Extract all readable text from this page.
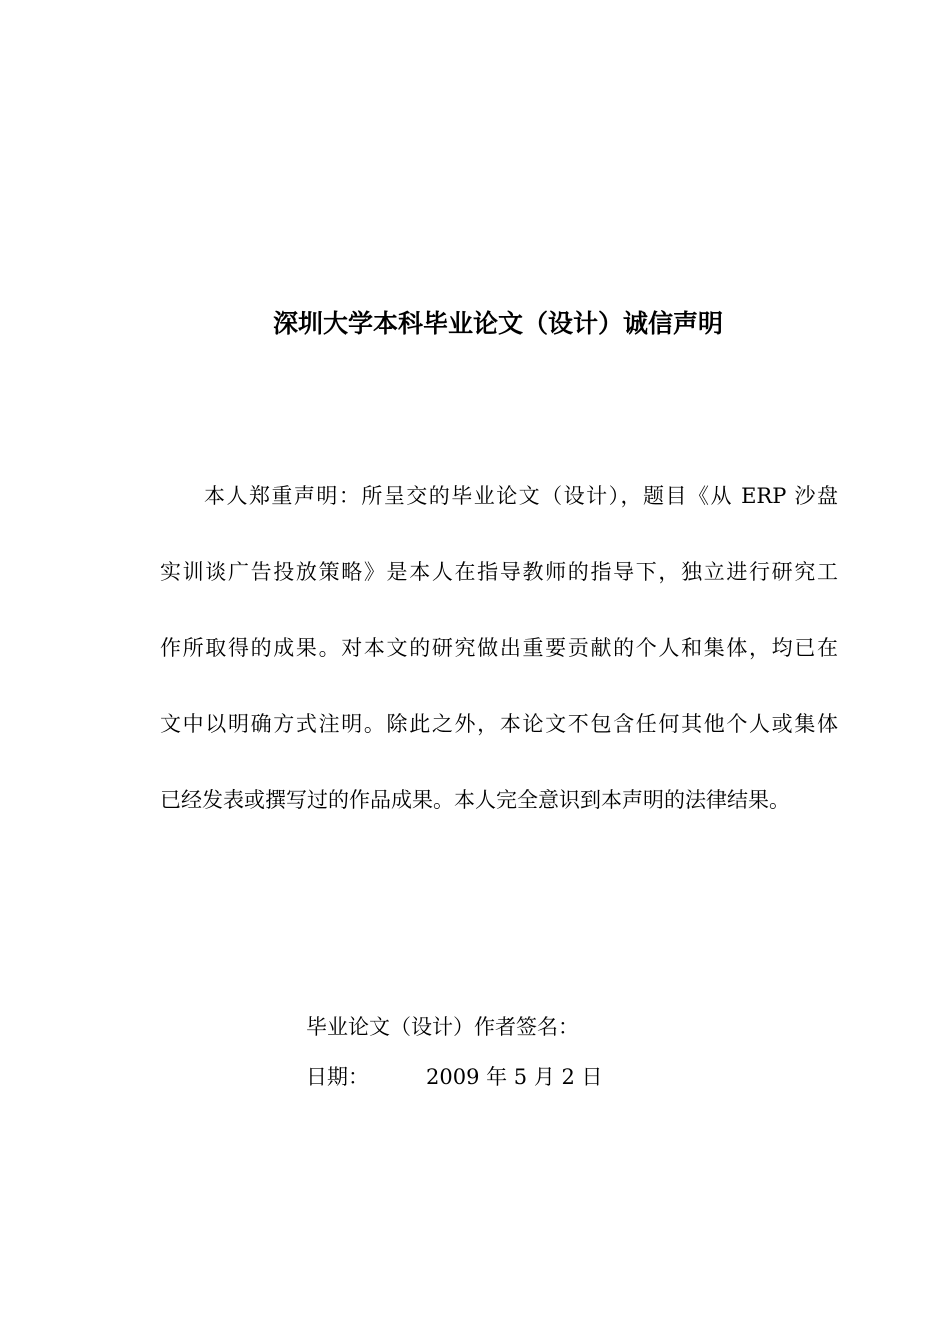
深圳大学本科毕业论文（设计）诚信声明
本人郑重声明：所呈交的毕业论文（设计），题目《从 ERP 沙盘
实训谈广告投放策略》是本人在指导教师的指导下，独立进行研究工
作所取得的成果。对本文的研究做出重要贡献的个人和集体，均已在
文中以明确方式注明。除此之外，本论文不包含任何其他个人或集体
已经发表或撰写过的作品成果。本人完全意识到本声明的法律结果。
毕业论文（设计）作者签名：
日期：	2009 年 5 月 2 日
